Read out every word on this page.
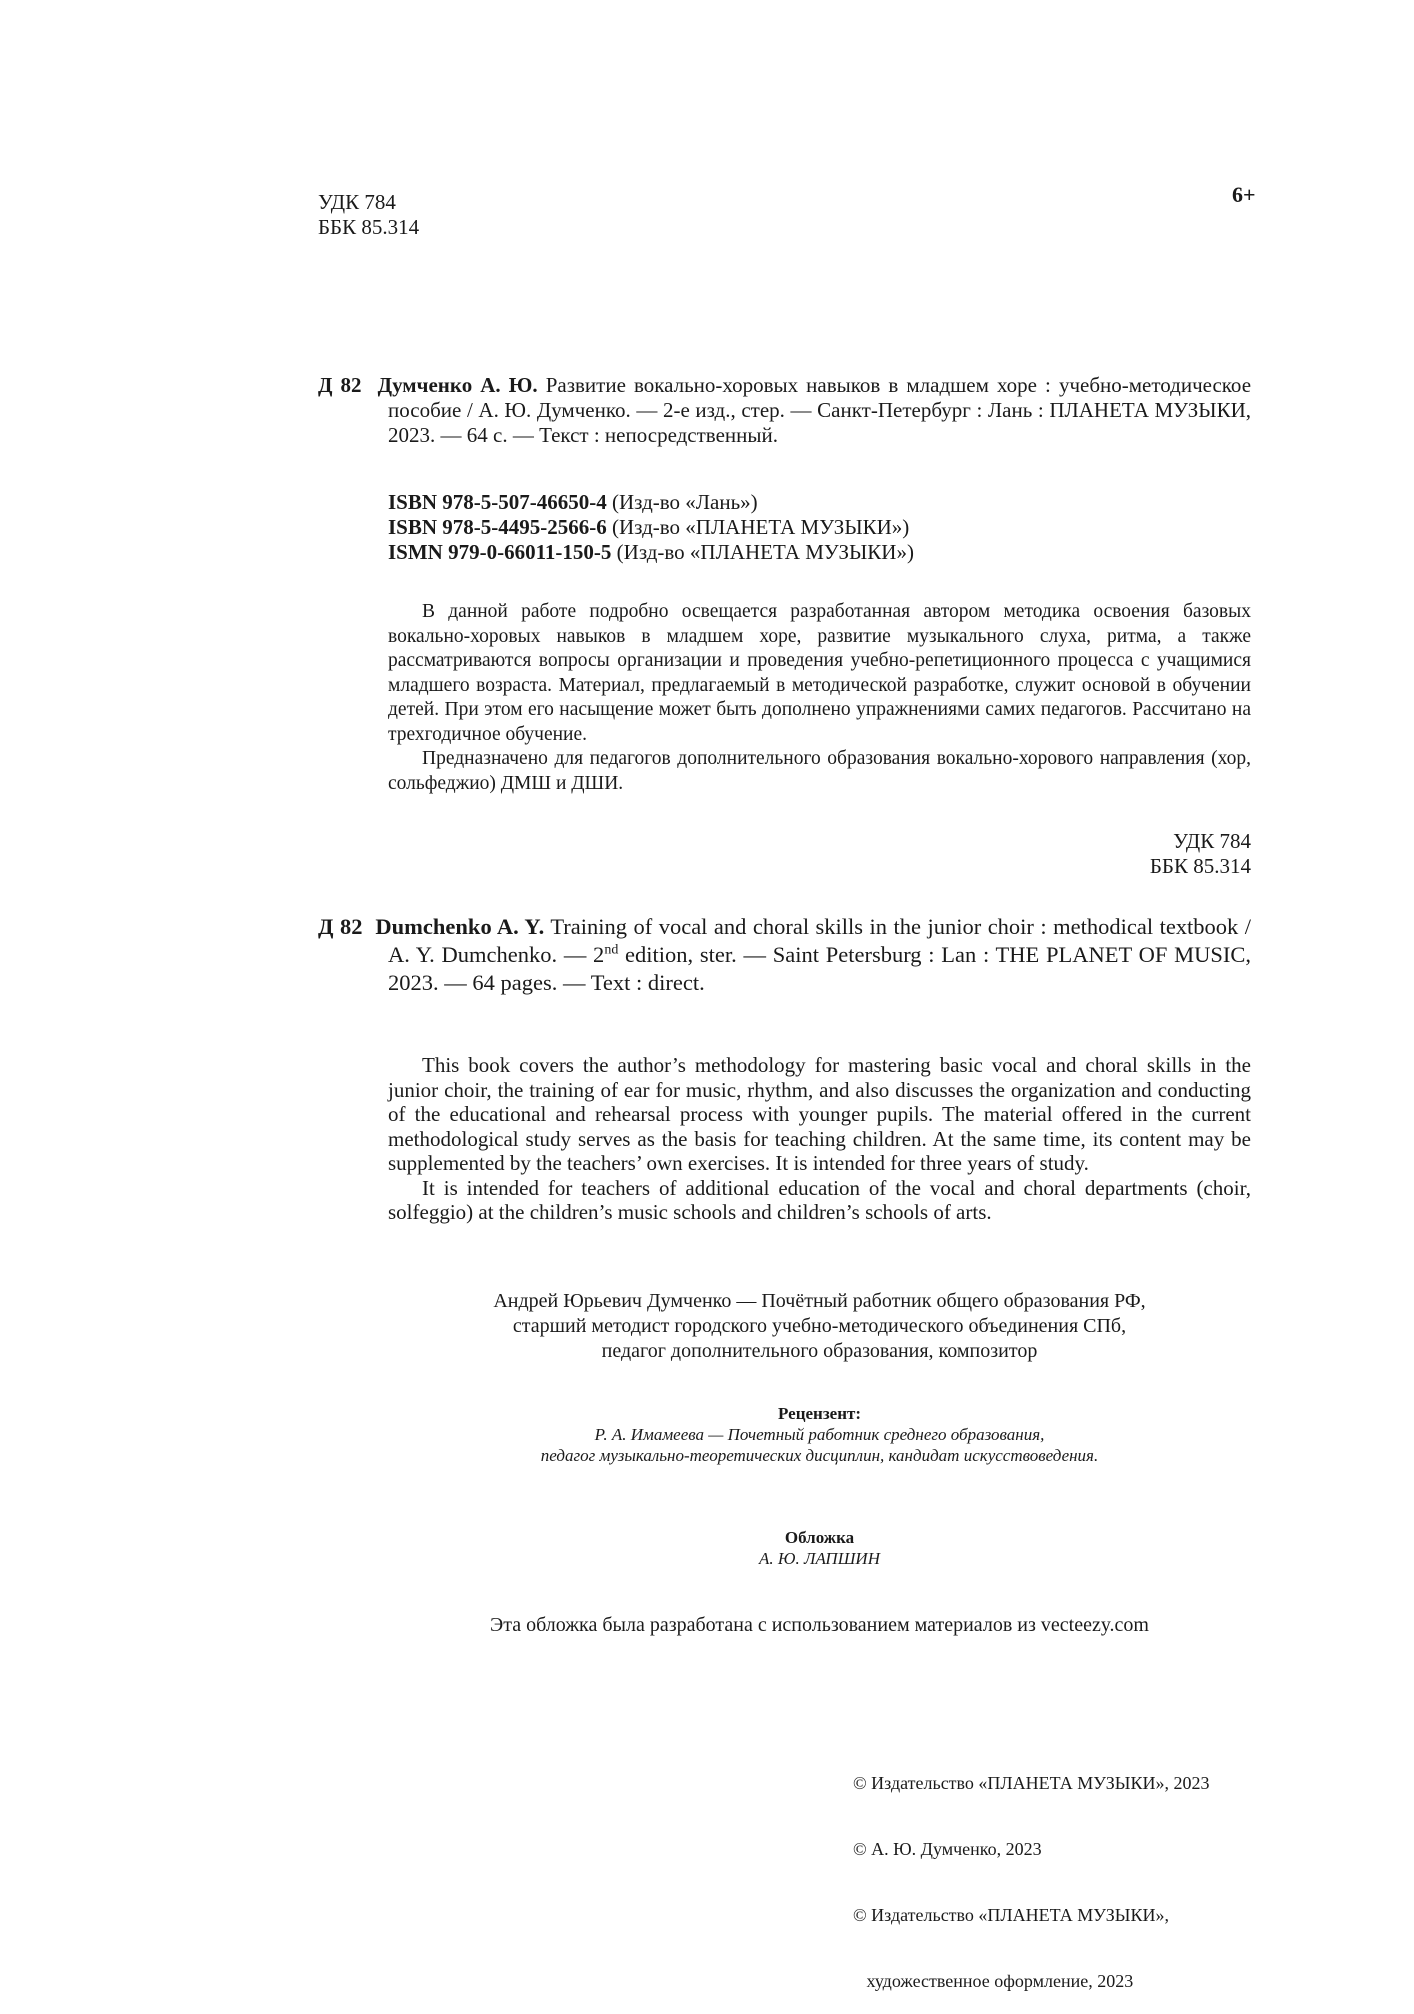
УДК 784
ББК 85.314
6+

Д 82 Думченко А. Ю. Развитие вокально-хоровых навыков в младшем хоре : учебно-методическое пособие / А. Ю. Думченко. — 2-е изд., стер. — Санкт-Петербург : Лань : ПЛАНЕТА МУЗЫКИ, 2023. — 64 с. — Текст : непосредственный.

ISBN 978-5-507-46650-4 (Изд-во «Лань»)
ISBN 978-5-4495-2566-6 (Изд-во «ПЛАНЕТА МУЗЫКИ»)
ISMN 979-0-66011-150-5 (Изд-во «ПЛАНЕТА МУЗЫКИ»)

В данной работе подробно освещается разработанная автором методика освоения базовых вокально-хоровых навыков в младшем хоре, развитие музыкального слуха, ритма, а также рассматриваются вопросы организации и проведения учебно-репетиционного процесса с учащимися младшего возраста. Материал, предлагаемый в методической разработке, служит основой в обучении детей. При этом его насыщение может быть дополнено упражнениями самих педагогов. Рассчитано на трехгодичное обучение.

Предназначено для педагогов дополнительного образования вокально-хорового направления (хор, сольфеджио) ДМШ и ДШИ.

УДК 784
ББК 85.314

Д 82 Dumchenko A. Y. Training of vocal and choral skills in the junior choir : methodical textbook / A. Y. Dumchenko. — 2nd edition, ster. — Saint Petersburg : Lan : THE PLANET OF MUSIC, 2023. — 64 pages. — Text : direct.

This book covers the author’s methodology for mastering basic vocal and choral skills in the junior choir, the training of ear for music, rhythm, and also discusses the organization and conducting of the educational and rehearsal process with younger pupils. The material offered in the current methodological study serves as the basis for teaching children. At the same time, its content may be supplemented by the teachers’ own exercises. It is intended for three years of study.

It is intended for teachers of additional education of the vocal and choral departments (choir, solfeggio) at the children’s music schools and children’s schools of arts.

Андрей Юрьевич Думченко — Почётный работник общего образования РФ,
старший методист городского учебно-методического объединения СПб,
педагог дополнительного образования, композитор
Рецензент:
Р. А. Имамеева — Почетный работник среднего образования,
педагог музыкально-теоретических дисциплин, кандидат искусствоведения.
Обложка
А. Ю. ЛАПШИН
Эта обложка была разработана с использованием материалов из vecteezy.com

© Издательство «ПЛАНЕТА МУЗЫКИ», 2023

© А. Ю. Думченко, 2023

© Издательство «ПЛАНЕТА МУЗЫКИ»,

художественное оформление, 2023
